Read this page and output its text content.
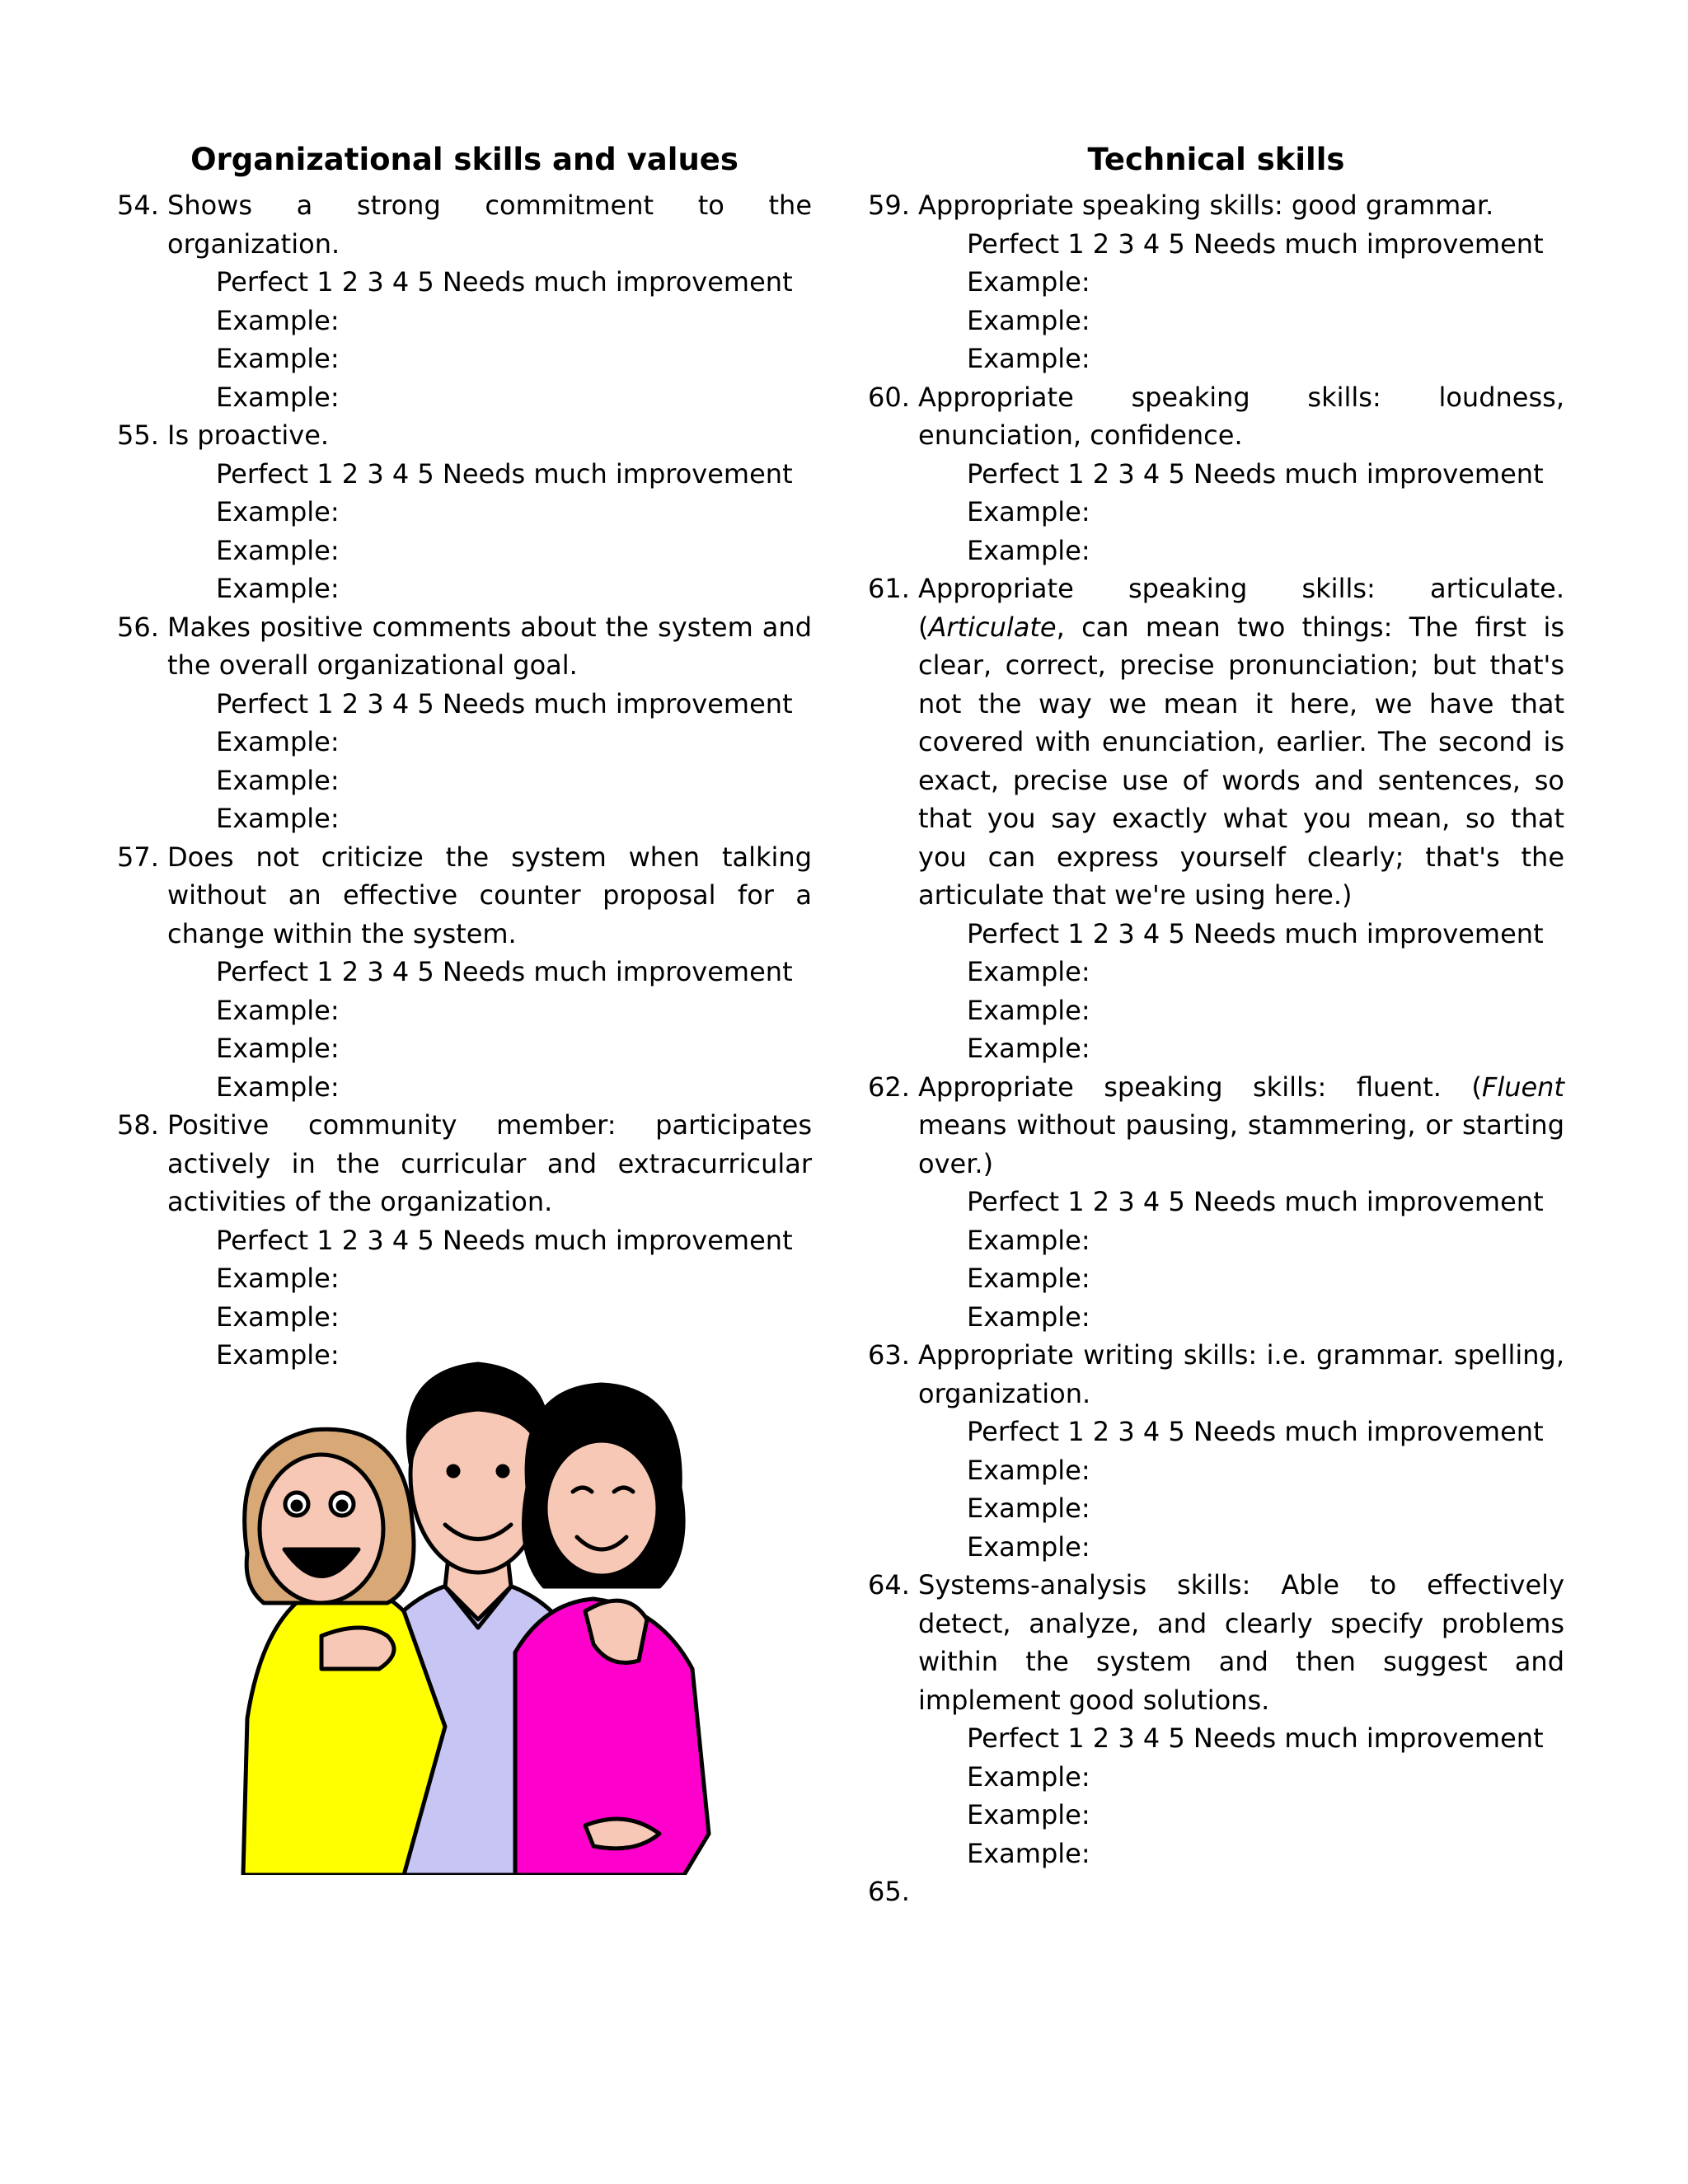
Organizational skills and values
54. Shows a strong commitment to the organization.
Perfect 1 2 3 4 5 Needs much improvement
Example:
Example:
Example:
55. Is proactive.
Perfect 1 2 3 4 5 Needs much improvement
Example:
Example:
Example:
56. Makes positive comments about the system and the overall organizational goal.
Perfect 1 2 3 4 5 Needs much improvement
Example:
Example:
Example:
57. Does not criticize the system when talking without an effective counter proposal for a change within the system.
Perfect 1 2 3 4 5 Needs much improvement
Example:
Example:
Example:
58. Positive community member: participates actively in the curricular and extracurricular activities of the organization.
Perfect 1 2 3 4 5 Needs much improvement
Example:
Example:
Example:
Technical skills
59. Appropriate speaking skills: good grammar.
Perfect 1 2 3 4 5 Needs much improvement
Example:
Example:
Example:
60. Appropriate speaking skills: loudness, enunciation, confidence.
Perfect 1 2 3 4 5 Needs much improvement
Example:
Example:
61. Appropriate speaking skills: articulate. (Articulate, can mean two things: The first is clear, correct, precise pronunciation; but that's not the way we mean it here, we have that covered with enunciation, earlier. The second is exact, precise use of words and sentences, so that you say exactly what you mean, so that you can express yourself clearly; that's the articulate that we're using here.)
Perfect 1 2 3 4 5 Needs much improvement
Example:
Example:
Example:
62. Appropriate speaking skills: fluent. (Fluent means without pausing, stammering, or starting over.)
Perfect 1 2 3 4 5 Needs much improvement
Example:
Example:
Example:
63. Appropriate writing skills: i.e. grammar. spelling, organization.
Perfect 1 2 3 4 5 Needs much improvement
Example:
Example:
Example:
64. Systems-analysis skills: Able to effectively detect, analyze, and clearly specify problems within the system and then suggest and implement good solutions.
Perfect 1 2 3 4 5 Needs much improvement
Example:
Example:
Example:
65.
